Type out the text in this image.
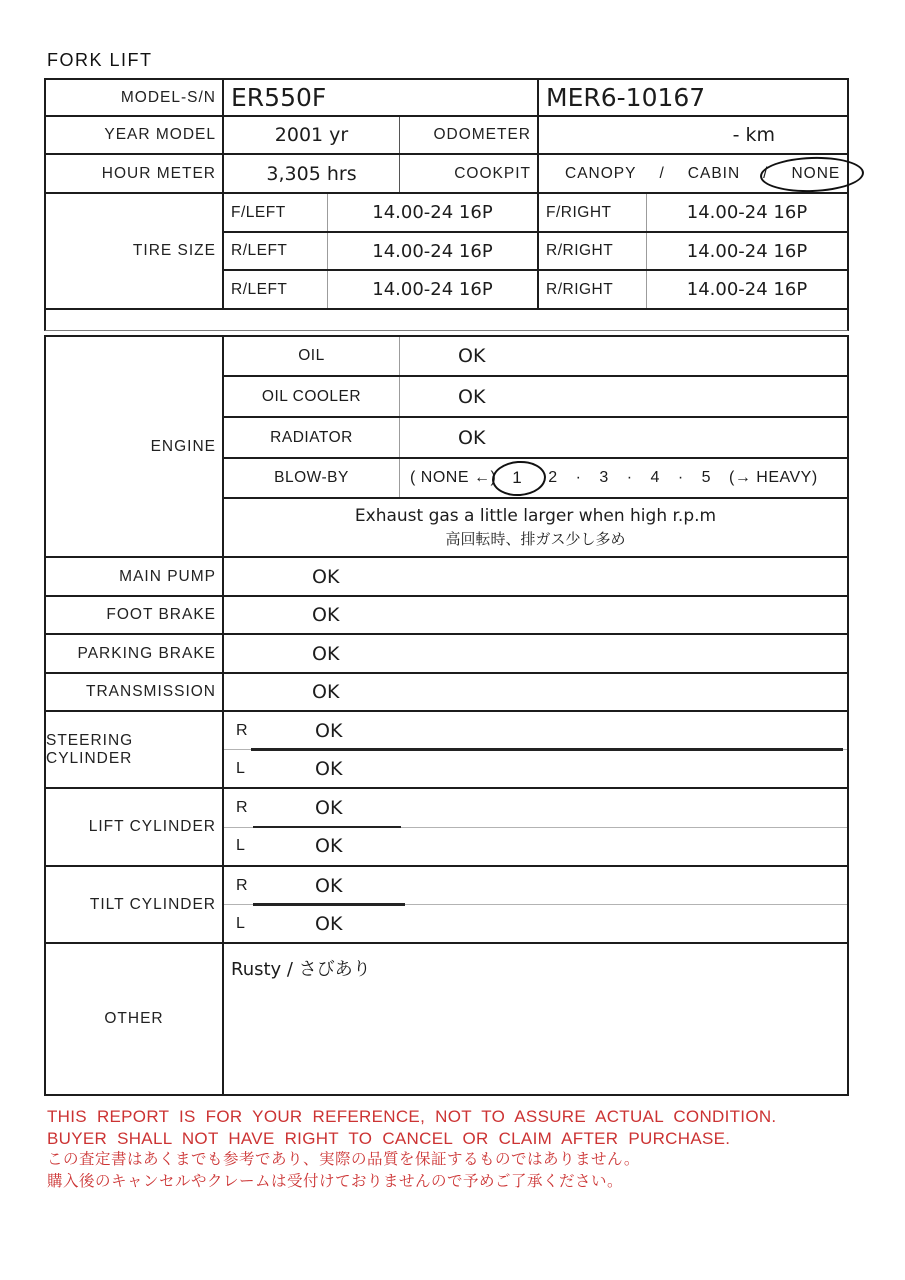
FORK LIFT
MODEL-S/N ER550F	MER6-10167
YEAR MODEL	2001 yr	ODOMETER	- km
HOUR METER	3,305 hrs	COOKPIT	CANOPY / CABIN / NONE
TIRE SIZE
F/LEFT	14.00-24 16P	F/RIGHT	14.00-24 16P
R/LEFT	14.00-24 16P	R/RIGHT	14.00-24 16P
R/LEFT	14.00-24 16P	R/RIGHT	14.00-24 16P
ENGINE
OIL	OK
OIL COOLER	OK
RADIATOR	OK
BLOW-BY	( NONE ←) 1 2 · 3 · 4 · 5 (→ HEAVY)
Exhaust gas a little larger when high r.p.m
高回転時、排ガス少し多め
MAIN PUMP	OK
FOOT BRAKE	OK
PARKING BRAKE	OK
TRANSMISSION	OK
STEERING CYLINDER
R	OK
L	OK
LIFT CYLINDER
R	OK
L	OK
TILT CYLINDER
R	OK
L	OK
OTHER
Rusty / さびあり
THIS REPORT IS FOR YOUR REFERENCE, NOT TO ASSURE ACTUAL CONDITION.
BUYER SHALL NOT HAVE RIGHT TO CANCEL OR CLAIM AFTER PURCHASE.
この査定書はあくまでも参考であり、実際の品質を保証するものではありません。
購入後のキャンセルやクレームは受付けておりませんので予めご了承ください。
